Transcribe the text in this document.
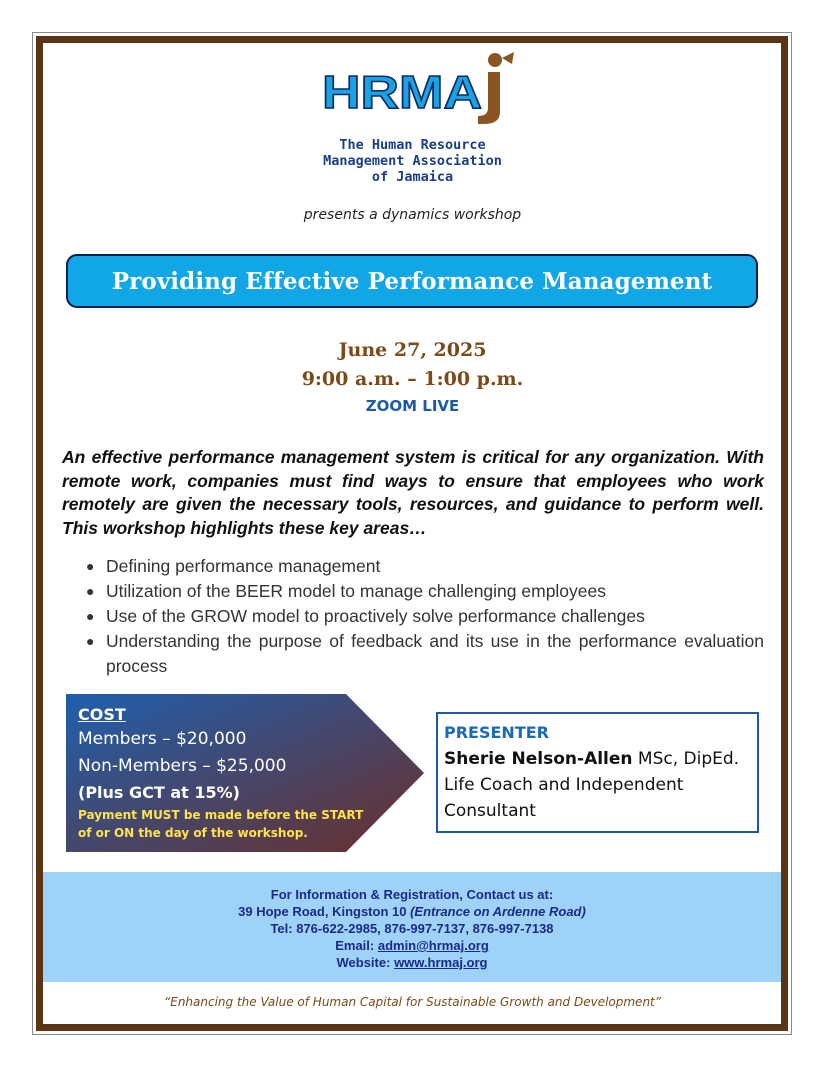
HRMA
The Human Resource
Management Association
of Jamaica
presents a dynamics workshop
Providing Effective Performance Management
June 27, 2025
9:00 a.m. – 1:00 p.m.
ZOOM LIVE
An effective performance management system is critical for any organization. With remote work, companies must find ways to ensure that employees who work remotely are given the necessary tools, resources, and guidance to perform well. This workshop highlights these key areas…
● Defining performance management
● Utilization of the BEER model to manage challenging employees
● Use of the GROW model to proactively solve performance challenges
● Understanding the purpose of feedback and its use in the performance evaluation process
COST
Members – $20,000
Non-Members – $25,000
(Plus GCT at 15%)
Payment MUST be made before the START
of or ON the day of the workshop.
PRESENTER
Sherie Nelson-Allen MSc, DipEd.
Life Coach and Independent Consultant
For Information & Registration, Contact us at:
39 Hope Road, Kingston 10 (Entrance on Ardenne Road)
Tel: 876-622-2985, 876-997-7137, 876-997-7138
Email: admin@hrmaj.org
Website: www.hrmaj.org
“Enhancing the Value of Human Capital for Sustainable Growth and Development”
